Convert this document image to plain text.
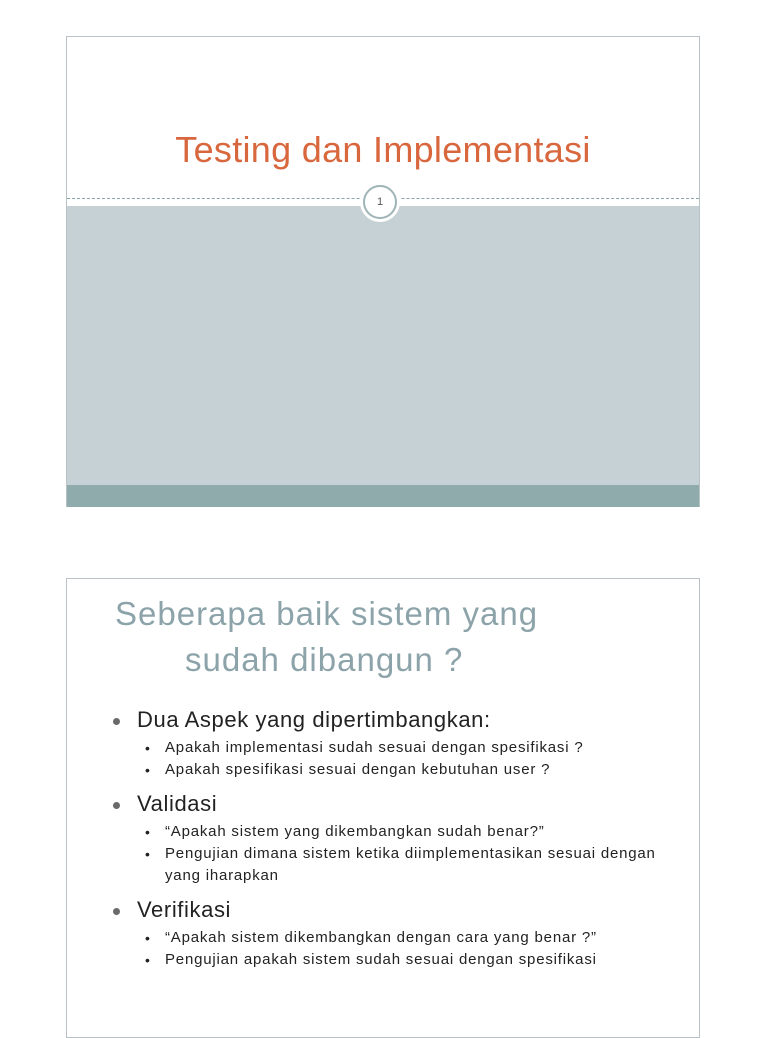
Testing dan Implementasi
1
Seberapa baik sistem yang
sudah dibangun ?
Dua Aspek yang dipertimbangkan:
• Apakah implementasi sudah sesuai dengan spesifikasi ?
• Apakah spesifikasi sesuai dengan kebutuhan user ?
Validasi
• “Apakah sistem yang dikembangkan sudah benar?”
• Pengujian dimana sistem ketika diimplementasikan sesuai dengan yang iharapkan
Verifikasi
• “Apakah sistem dikembangkan dengan cara yang benar ?”
• Pengujian apakah sistem sudah sesuai dengan spesifikasi
